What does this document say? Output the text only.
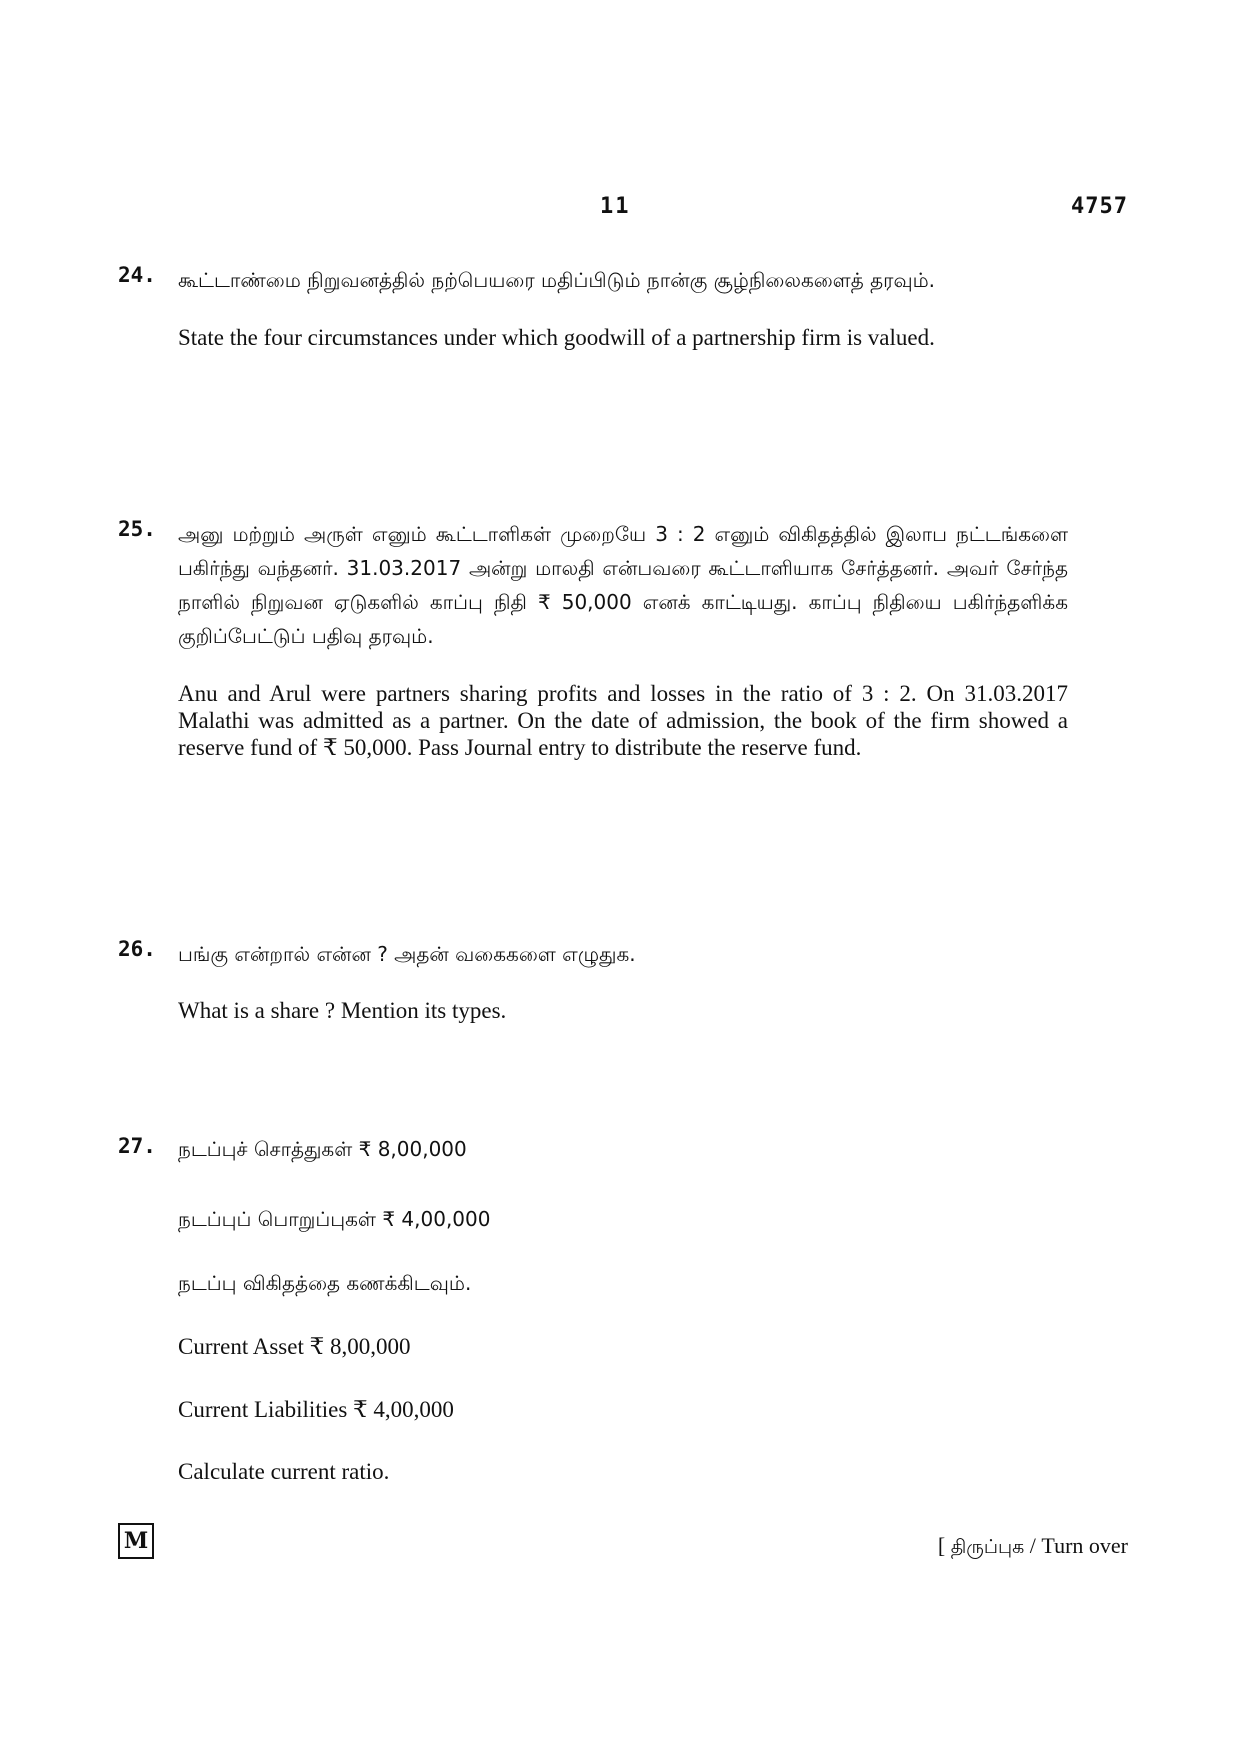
11	4757
24.	கூட்டாண்மை நிறுவனத்தில் நற்பெயரை மதிப்பிடும் நான்கு சூழ்நிலைகளைத் தரவும்.
State the four circumstances under which goodwill of a partnership firm is valued.
25.	அனு மற்றும் அருள் எனும் கூட்டாளிகள் முறையே 3 : 2 எனும் விகிதத்தில் இலாப நட்டங்களை பகிர்ந்து வந்தனர். 31.03.2017 அன்று மாலதி என்பவரை கூட்டாளியாக சேர்த்தனர். அவர் சேர்ந்த நாளில் நிறுவன ஏடுகளில் காப்பு நிதி ₹ 50,000 எனக் காட்டியது. காப்பு நிதியை பகிர்ந்தளிக்க குறிப்பேட்டுப் பதிவு தரவும்.
Anu and Arul were partners sharing profits and losses in the ratio of 3 : 2. On 31.03.2017 Malathi was admitted as a partner. On the date of admission, the book of the firm showed a reserve fund of ₹ 50,000. Pass Journal entry to distribute the reserve fund.
26.	பங்கு என்றால் என்ன ? அதன் வகைகளை எழுதுக.
What is a share ? Mention its types.
27.	நடப்புச் சொத்துகள் ₹ 8,00,000
நடப்புப் பொறுப்புகள் ₹ 4,00,000
நடப்பு விகிதத்தை கணக்கிடவும்.
Current Asset ₹ 8,00,000
Current Liabilities ₹ 4,00,000
Calculate current ratio.
M	[ திருப்புக / Turn over
